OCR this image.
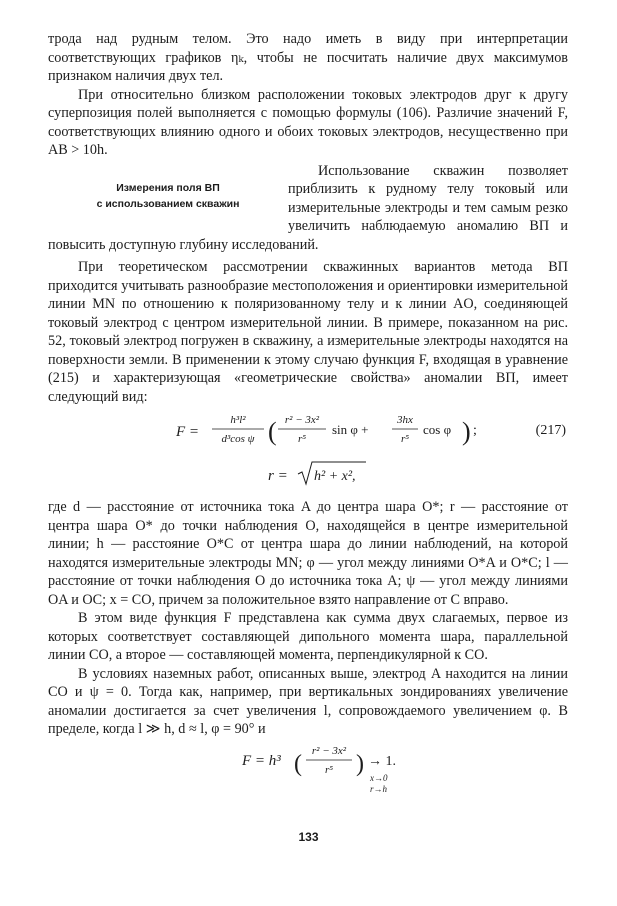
трода над рудным телом. Это надо иметь в виду при интерпретации соответствующих графиков ηₖ, чтобы не посчитать наличие двух максимумов признаком наличия двух тел.

При относительно близком расположении токовых электродов друг к другу суперпозиция полей выполняется с помощью формулы (106). Различие значений F, соответствующих влиянию одного и обоих токовых электродов, несущественно при AB > 10h.

Измерения поля ВП
с использованием скважин

Использование скважин позволяет приблизить к рудному телу токовый или измерительные электроды и тем самым резко увеличить наблюдаемую аномалию ВП и повысить доступную глубину исследований.

При теоретическом рассмотрении скважинных вариантов метода ВП приходится учитывать разнообразие местоположения и ориентировки измерительной линии MN по отношению к поляризованному телу и к линии AO, соединяющей токовый электрод с центром измерительной линии. В примере, показанном на рис. 52, токовый электрод погружен в скважину, а измерительные электроды находятся на поверхности земли. В применении к этому случаю функция F, входящая в уравнение (215) и характеризующая «геометрические свойства» аномалии ВП, имеет следующий вид:

F =
h³l²
d³cos ψ ( r² − 3x²
r⁵
sin φ +
3hx
r⁵
cos φ ) ;	(217)
r = h² + x²,

где d — расстояние от источника тока A до центра шара O*; r — расстояние от центра шара O* до точки наблюдения O, находящейся в центре измерительной линии; h — расстояние O*C от центра шара до линии наблюдений, на которой находятся измерительные электроды MN; φ — угол между линиями O*A и O*C; l — расстояние от точки наблюдения O до источника тока A; ψ — угол между линиями OA и OC; x = CO, причем за положительное взято направление от C вправо.

В этом виде функция F представлена как сумма двух слагаемых, первое из которых соответствует составляющей дипольного момента шара, параллельной линии CO, а второе — составляющей момента, перпендикулярной к CO.

В условиях наземных работ, описанных выше, электрод A находится на линии CO и ψ = 0. Тогда как, например, при вертикальных зондированиях увеличение аномалии достигается за счет увеличения l, сопровождаемого увеличением φ. В пределе, когда l ≫ h, d ≈ l, φ = 90° и

F = h³ ( r² − 3x²
r⁵ ) → 1.
x→0
r→h
133
